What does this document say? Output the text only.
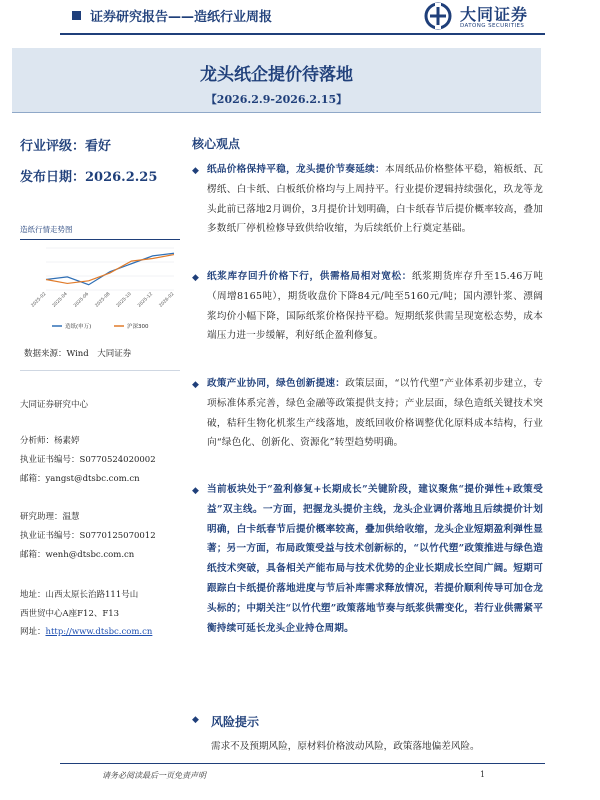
证券研究报告——造纸行业周报	大同证券
DATONG SECURITIES
龙头纸企提价待落地
【2026.2.9-2026.2.15】
行业评级：看好
发布日期：2026.2.25
造纸行情走势图
2025-02 2025-04 2025-06 2025-08 2025-10 2025-12 2026-02
造纸(申万)	沪深300
数据来源：Wind　大同证券
大同证券研究中心
分析师：杨素婷
执业证书编号：S0770524020002
邮箱：yangst@dtsbc.com.cn
研究助理：温慧
执业证书编号：S0770125070012
邮箱：wenh@dtsbc.com.cn
地址：山西太原长治路111号山
西世贸中心A座F12、F13
网址：http://www.dtsbc.com.cn
核心观点
◆ 纸品价格保持平稳，龙头提价节奏延续：本周纸品价格整体平稳，箱板纸、瓦楞纸、白卡纸、白板纸价格均与上周持平。行业提价逻辑持续强化，玖龙等龙头此前已落地2月调价，3月提价计划明确，白卡纸春节后提价概率较高，叠加多数纸厂停机检修导致供给收缩，为后续纸价上行奠定基础。
◆ 纸浆库存回升价格下行，供需格局相对宽松：纸浆期货库存升至15.46万吨（周增8165吨），期货收盘价下降84元/吨至5160元/吨；国内漂针浆、漂阔浆均价小幅下降，国际纸浆价格保持平稳。短期纸浆供需呈现宽松态势，成本端压力进一步缓解，利好纸企盈利修复。
◆ 政策产业协同，绿色创新提速：政策层面，“以竹代塑”产业体系初步建立，专项标准体系完善，绿色金融等政策提供支持；产业层面，绿色造纸关键技术突破，秸秆生物化机浆生产线落地，废纸回收价格调整优化原料成本结构，行业向“绿色化、创新化、资源化”转型趋势明确。
◆ 当前板块处于“盈利修复+长期成长”关键阶段，建议聚焦“提价弹性+政策受益”双主线。一方面，把握龙头提价主线，龙头企业调价落地且后续提价计划明确，白卡纸春节后提价概率较高，叠加供给收缩，龙头企业短期盈利弹性显著；另一方面，布局政策受益与技术创新标的，“以竹代塑”政策推进与绿色造纸技术突破，具备相关产能布局与技术优势的企业长期成长空间广阔。短期可跟踪白卡纸提价落地进度与节后补库需求释放情况，若提价顺利传导可加仓龙头标的；中期关注“以竹代塑”政策落地节奏与纸浆供需变化，若行业供需紧平衡持续可延长龙头企业持仓周期。
◆ 风险提示
需求不及预期风险，原材料价格波动风险，政策落地偏差风险。
请务必阅读最后一页免责声明	1
